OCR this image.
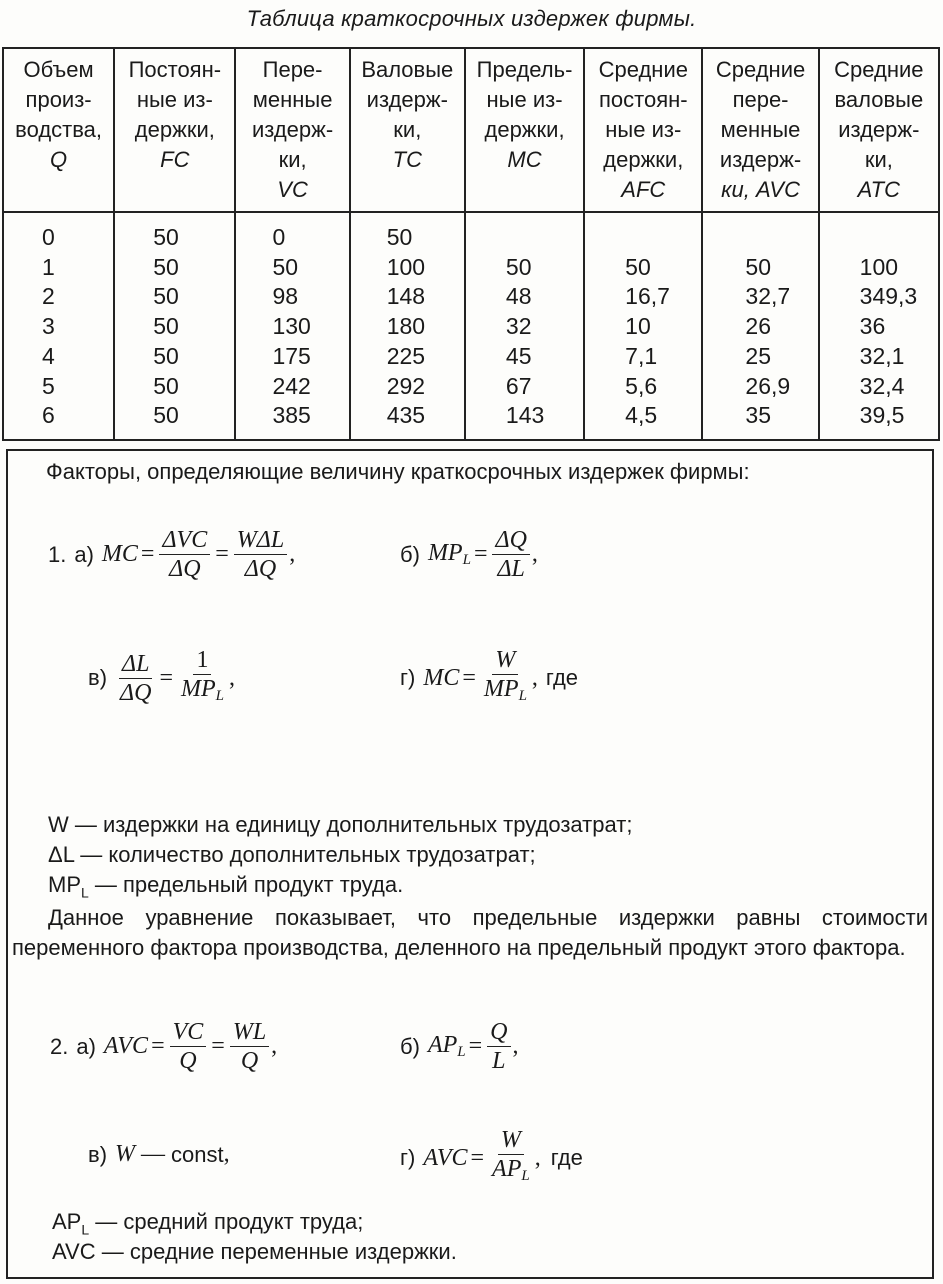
Таблица краткосрочных издержек фирмы.
Объем
произ-
водства,
Q	Постоян-
ные из-
держки,
FC	Пере-
менные
издерж-
ки,
VC	Валовые
издерж-
ки,
TC	Предель-
ные из-
держки,
MC	Средние
постоян-
ные из-
держки,
AFC	Средние
пере-
менные
издерж-
ки, AVC	Средние
валовые
издерж-
ки,
ATC

0	50	0	50				
1	50	50	100	50	50	50	100
2	50	98	148	48	16,7	32,7	349,3
3	50	130	180	32	10	26	36
4	50	175	225	45	7,1	25	32,1
5	50	242	292	67	5,6	26,9	32,4
6	50	385	435	143	4,5	35	39,5
Факторы, определяющие величину краткосрочных издержек фирмы:
1. а) MC = $\frac{\text{ΔVC}}{\Delta Q} = \frac{\text{WΔL}}{\Delta Q}$ ,	б) $MP_L = \frac{\Delta Q}{\Delta L}$ ,
$в) \frac{\Delta L}{\Delta Q} = \frac{1}{MP_L}$ ,	г) MC = $\frac{W}{MP_L}$ , где
W — издержки на единицу дополнительных трудозатрат;
ΔL — количество дополнительных трудозатрат;
$MP_L$ — предельный продукт труда.
Данное уравнение показывает, что предельные издержки равны стоимости переменного фактора производства, деленного на предельный продукт этого фактора.
2. а) AVC = $\frac{VC}{Q} = \frac{WL}{Q}$ ,	б) $AP_L = \frac{Q}{L}$ ,
в) W — const ,	г) AVC = $\frac{W}{AP_L}$ , где
$AP_L$ — средний продукт труда;
AVC — средние переменные издержки.
